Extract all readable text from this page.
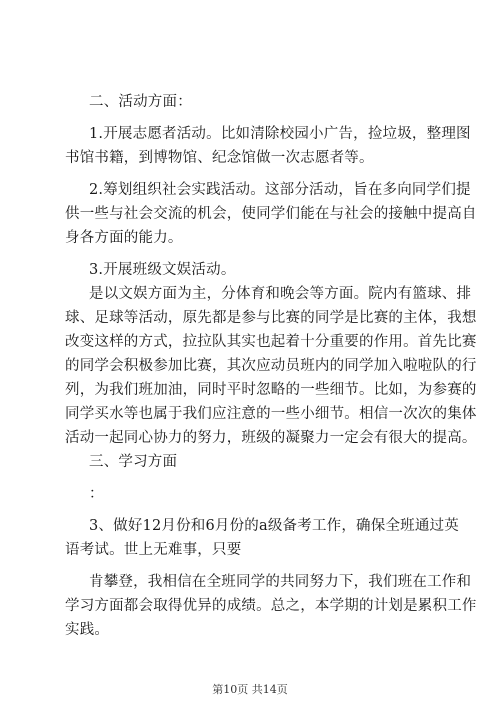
二、活动方面：
1.开展志愿者活动。比如清除校园小广告，捡垃圾，整理图
书馆书籍，到博物馆、纪念馆做一次志愿者等。
2.筹划组织社会实践活动。这部分活动，旨在多向同学们提
供一些与社会交流的机会，使同学们能在与社会的接触中提高自
身各方面的能力。
3.开展班级文娱活动。
是以文娱方面为主，分体育和晚会等方面。院内有篮球、排
球、足球等活动，原先都是参与比赛的同学是比赛的主体，我想
改变这样的方式，拉拉队其实也起着十分重要的作用。首先比赛
的同学会积极参加比赛，其次应动员班内的同学加入啦啦队的行
列，为我们班加油，同时平时忽略的一些细节。比如，为参赛的
同学买水等也属于我们应注意的一些小细节。相信一次次的集体
活动一起同心协力的努力，班级的凝聚力一定会有很大的提高。
三、学习方面
：
3、做好12月份和6月份的a级备考工作，确保全班通过英
语考试。世上无难事，只要
肯攀登，我相信在全班同学的共同努力下，我们班在工作和
学习方面都会取得优异的成绩。总之，本学期的计划是累积工作
实践。
第10页 共14页
